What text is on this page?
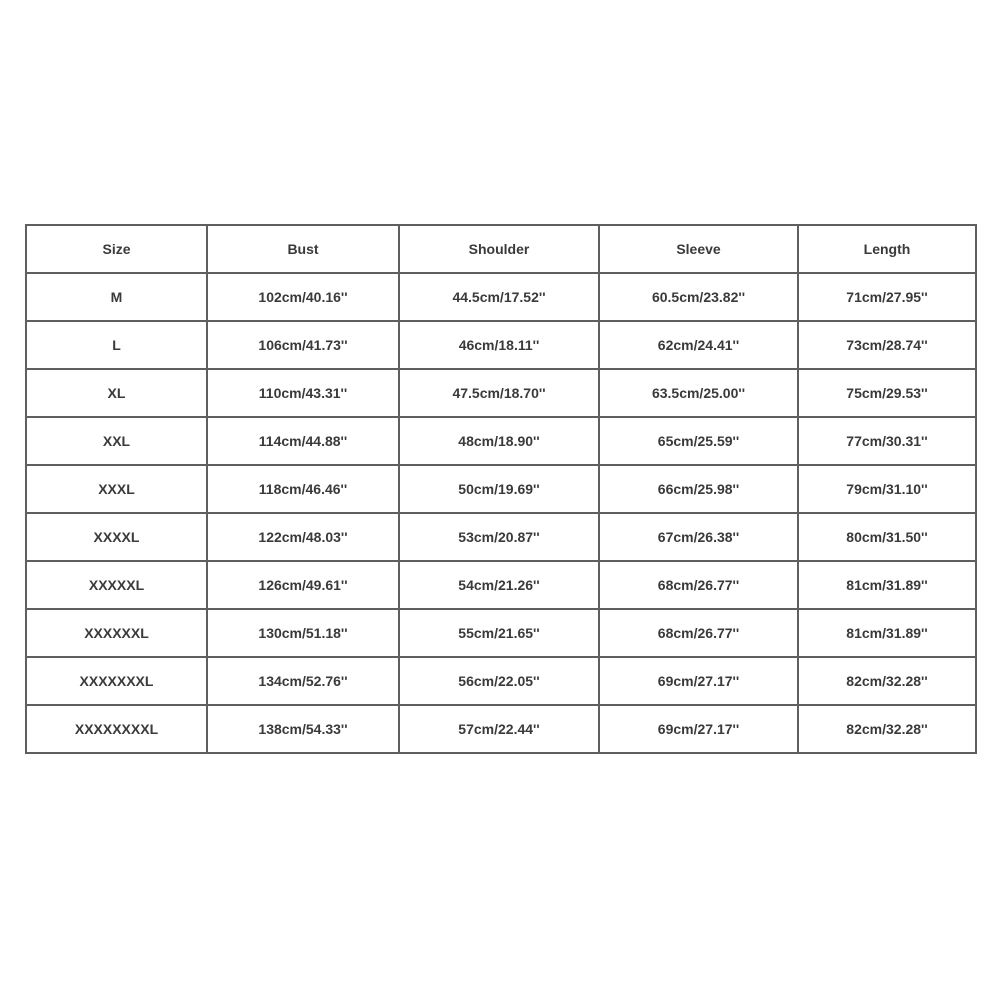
Size	Bust	Shoulder	Sleeve	Length
M	102cm/40.16''	44.5cm/17.52''	60.5cm/23.82''	71cm/27.95''
L	106cm/41.73''	46cm/18.11''	62cm/24.41''	73cm/28.74''
XL	110cm/43.31''	47.5cm/18.70''	63.5cm/25.00''	75cm/29.53''
XXL	114cm/44.88''	48cm/18.90''	65cm/25.59''	77cm/30.31''
XXXL	118cm/46.46''	50cm/19.69''	66cm/25.98''	79cm/31.10''
XXXXL	122cm/48.03''	53cm/20.87''	67cm/26.38''	80cm/31.50''
XXXXXL	126cm/49.61''	54cm/21.26''	68cm/26.77''	81cm/31.89''
XXXXXXL	130cm/51.18''	55cm/21.65''	68cm/26.77''	81cm/31.89''
XXXXXXXL	134cm/52.76''	56cm/22.05''	69cm/27.17''	82cm/32.28''
XXXXXXXXL	138cm/54.33''	57cm/22.44''	69cm/27.17''	82cm/32.28''
